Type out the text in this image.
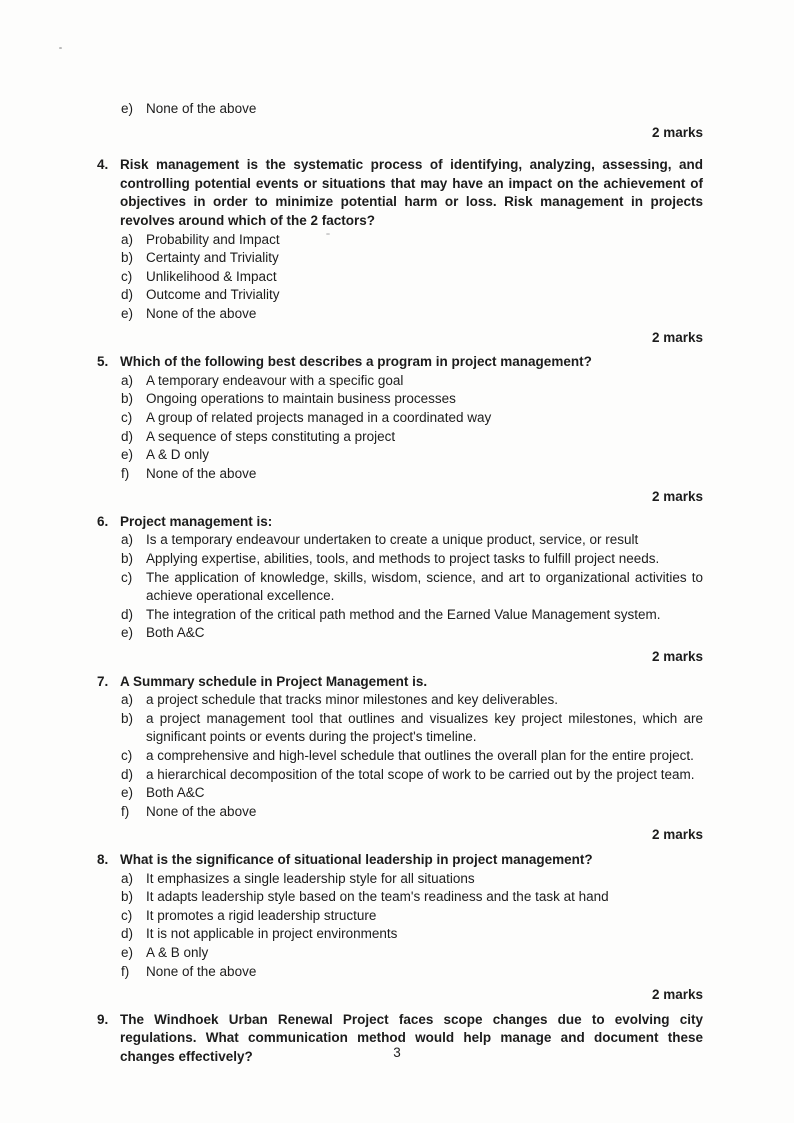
e) None of the above
2 marks
4. Risk management is the systematic process of identifying, analyzing, assessing, and controlling potential events or situations that may have an impact on the achievement of objectives in order to minimize potential harm or loss. Risk management in projects revolves around which of the 2 factors?
a) Probability and Impact
b) Certainty and Triviality
c)	Unlikelihood & Impact
d) Outcome and Triviality
e) None of the above
2 marks
5. Which of the following best describes a program in project management?
a) A temporary endeavour with a specific goal
b) Ongoing operations to maintain business processes
c)	A group of related projects managed in a coordinated way
d) A sequence of steps constituting a project
e) A & D only
f)	None of the above
2 marks
6. Project management is:
a) Is a temporary endeavour undertaken to create a unique product, service, or result
b) Applying expertise, abilities, tools, and methods to project tasks to fulfill project needs.
c)	The application of knowledge, skills, wisdom, science, and art to organizational activities to achieve operational excellence.
d) The integration of the critical path method and the Earned Value Management system.
e) Both A&C
2 marks
7. A Summary schedule in Project Management is.
a) a project schedule that tracks minor milestones and key deliverables.
b) a project management tool that outlines and visualizes key project milestones, which are significant points or events during the project's timeline.
c)	a comprehensive and high-level schedule that outlines the overall plan for the entire project.
d) a hierarchical decomposition of the total scope of work to be carried out by the project team.
e) Both A&C
f)	None of the above
2 marks
8. What is the significance of situational leadership in project management?
a) It emphasizes a single leadership style for all situations
b) It adapts leadership style based on the team's readiness and the task at hand
c)	It promotes a rigid leadership structure
d) It is not applicable in project environments
e) A & B only
f)	None of the above
2 marks
9. The Windhoek Urban Renewal Project faces scope changes due to evolving city regulations. What communication method would help manage and document these changes effectively?	3
